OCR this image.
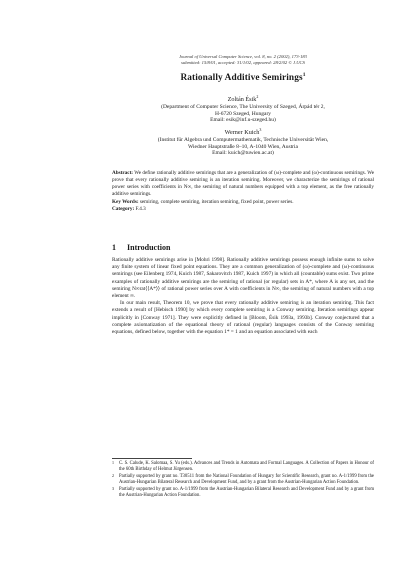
Journal of Universal Computer Science, vol. 8, no. 2 (2002), 173-183
submitted: 15/8/01, accepted: 31/1/02, appeared: 28/2/02 © J.UCS
Rationally Additive Semirings$^1$
Zoltán Ésik$^2$
(Department of Computer Science, The University of Szeged, Árpád tér 2,
H-6720 Szeged, Hungary
Email: esik@inf.u-szeged.hu)
Werner Kuich$^3$
(Institut für Algebra und Computermathematik, Technische Universität Wien,
Wiedner Hauptstraße 8–10, A-1040 Wien, Austria
Email: kuich@tuwien.ac.at)
Abstract: We define rationally additive semirings that are a generalization of (ω)-complete and (ω)-continuous semirings. We prove that every rationally additive semiring is an iteration semiring. Moreover, we characterize the semirings of rational power series with coefficients in N∞, the semiring of natural numbers equipped with a top element, as the free rationally additive semirings.
Key Words: semiring, complete semiring, iteration semiring, fixed point, power series.
Category: F.4.3
1 Introduction

Rationally additive semirings arise in [Mohri 1998]. Rationally additive semirings possess enough infinite sums to solve any finite system of linear fixed point equations. They are a common generalization of (ω)-complete and (ω)-continuous semirings (see Eilenberg 1974, Kuich 1987, Sakarovitch 1987, Kuich 1997) in which all (countable) sums exist. Two prime examples of rationally additive semirings are the semiring of rational (or regular) sets in A*, where A is any set, and the semiring N∞rat⟨⟨A*⟩⟩ of rational power series over A with coefficients in N∞, the semiring of natural numbers with a top element ∞.

In our main result, Theorem 10, we prove that every rationally additive semiring is an iteration semiring. This fact extends a result of [Hebisch 1990] by which every complete semiring is a Conway semiring. Iteration semirings appear implicitly in [Conway 1971]. They were explicitly defined in [Bloom, Ésik 1993a, 1993b]. Conway conjectured that a complete axiomatization of the equational theory of rational (regular) languages consists of the Conway semiring equations, defined below, together with the equation 1* = 1 and an equation associated with each

1 C. S. Calude, K. Salomaa, S. Yu (eds.). Advances and Trends in Automata and Formal Languages. A Collection of Papers in Honour of the 60th Birthday of Helmut Jürgensen.
2 Partially supported by grant no. T30511 from the National Foundation of Hungary for Scientific Research, grant no. A-1/1999 from the Austrian-Hungarian Bilateral Research and Development Fund, and by a grant from the Austrian-Hungarian Action Foundation.
3 Partially supported by grant no. A-1/1999 from the Austrian-Hungarian Bilateral Research and Development Fund and by a grant from the Austrian-Hungarian Action Foundation.
